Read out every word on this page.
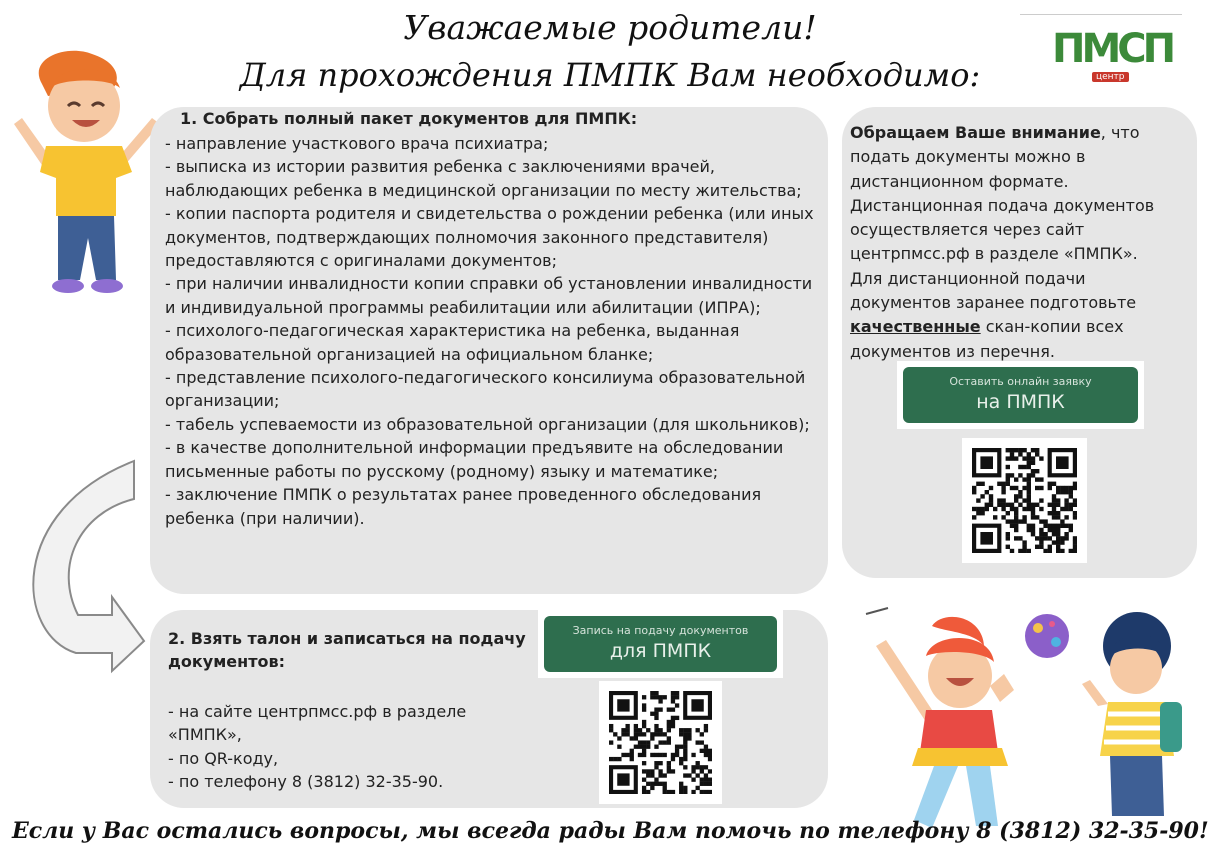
Уважаемые родители!
Для прохождения ПМПК Вам необходимо:
ПМСП
центр
1. Собрать полный пакет документов для ПМПК:
- направление участкового врача психиатра;
- выписка из истории развития ребенка с заключениями врачей, наблюдающих ребенка в медицинской организации по месту жительства;
- копии паспорта родителя и свидетельства о рождении ребенка (или иных документов, подтверждающих полномочия законного представителя) предоставляются с оригиналами документов;
- при наличии инвалидности копии справки об установлении инвалидности и индивидуальной программы реабилитации или абилитации (ИПРА);
- психолого-педагогическая характеристика на ребенка, выданная образовательной организацией на официальном бланке;
- представление психолого-педагогического консилиума образовательной организации;
- табель успеваемости из образовательной организации (для школьников);
- в качестве дополнительной информации предъявите на обследовании письменные работы по русскому (родному) языку и математике;
- заключение ПМПК о результатах ранее проведенного обследования ребенка (при наличии).
2. Взять талон и записаться на подачу документов:
- на сайте центрпмсс.рф в разделе «ПМПК»,
- по QR-коду,
- по телефону 8 (3812) 32-35-90.
Запись на подачу документов
для ПМПК
Обращаем Ваше внимание, что подать документы можно в дистанционном формате. Дистанционная подача документов осуществляется через сайт центрпмсс.рф в разделе «ПМПК». Для дистанционной подачи документов заранее подготовьте качественные скан-копии всех документов из перечня.
Оставить онлайн заявку
на ПМПК
Если у Вас остались вопросы, мы всегда рады Вам помочь по телефону 8 (3812) 32-35-90!
